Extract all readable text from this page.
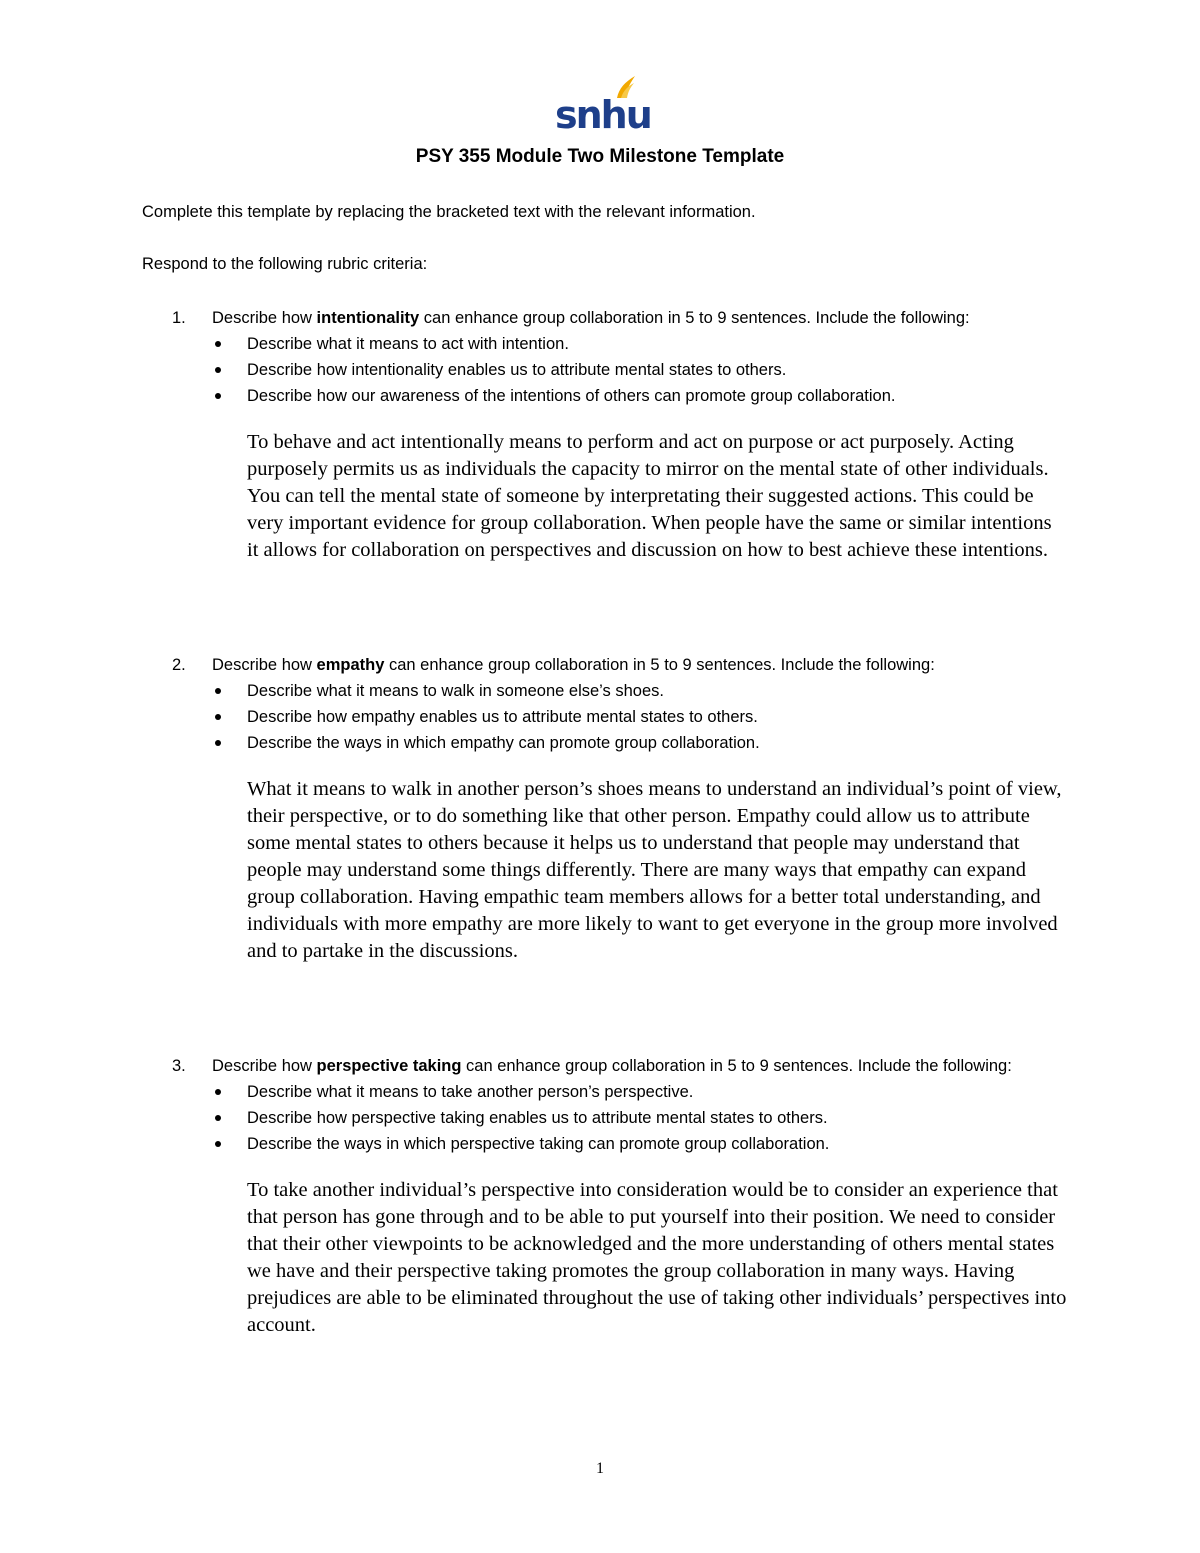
snhu
PSY 355 Module Two Milestone Template
Complete this template by replacing the bracketed text with the relevant information.
Respond to the following rubric criteria:
1. Describe how intentionality can enhance group collaboration in 5 to 9 sentences. Include the following:
Describe what it means to act with intention.
Describe how intentionality enables us to attribute mental states to others.
Describe how our awareness of the intentions of others can promote group collaboration.
To behave and act intentionally means to perform and act on purpose or act purposely. Acting purposely permits us as individuals the capacity to mirror on the mental state of other individuals. You can tell the mental state of someone by interpretating their suggested actions. This could be very important evidence for group collaboration. When people have the same or similar intentions it allows for collaboration on perspectives and discussion on how to best achieve these intentions.
2. Describe how empathy can enhance group collaboration in 5 to 9 sentences. Include the following:
Describe what it means to walk in someone else’s shoes.
Describe how empathy enables us to attribute mental states to others.
Describe the ways in which empathy can promote group collaboration.
What it means to walk in another person’s shoes means to understand an individual’s point of view, their perspective, or to do something like that other person. Empathy could allow us to attribute some mental states to others because it helps us to understand that people may understand that people may understand some things differently. There are many ways that empathy can expand group collaboration. Having empathic team members allows for a better total understanding, and individuals with more empathy are more likely to want to get everyone in the group more involved and to partake in the discussions.
3. Describe how perspective taking can enhance group collaboration in 5 to 9 sentences. Include the following:
Describe what it means to take another person’s perspective.
Describe how perspective taking enables us to attribute mental states to others.
Describe the ways in which perspective taking can promote group collaboration.
To take another individual’s perspective into consideration would be to consider an experience that that person has gone through and to be able to put yourself into their position. We need to consider that their other viewpoints to be acknowledged and the more understanding of others mental states we have and their perspective taking promotes the group collaboration in many ways. Having prejudices are able to be eliminated throughout the use of taking other individuals’ perspectives into account.
1
